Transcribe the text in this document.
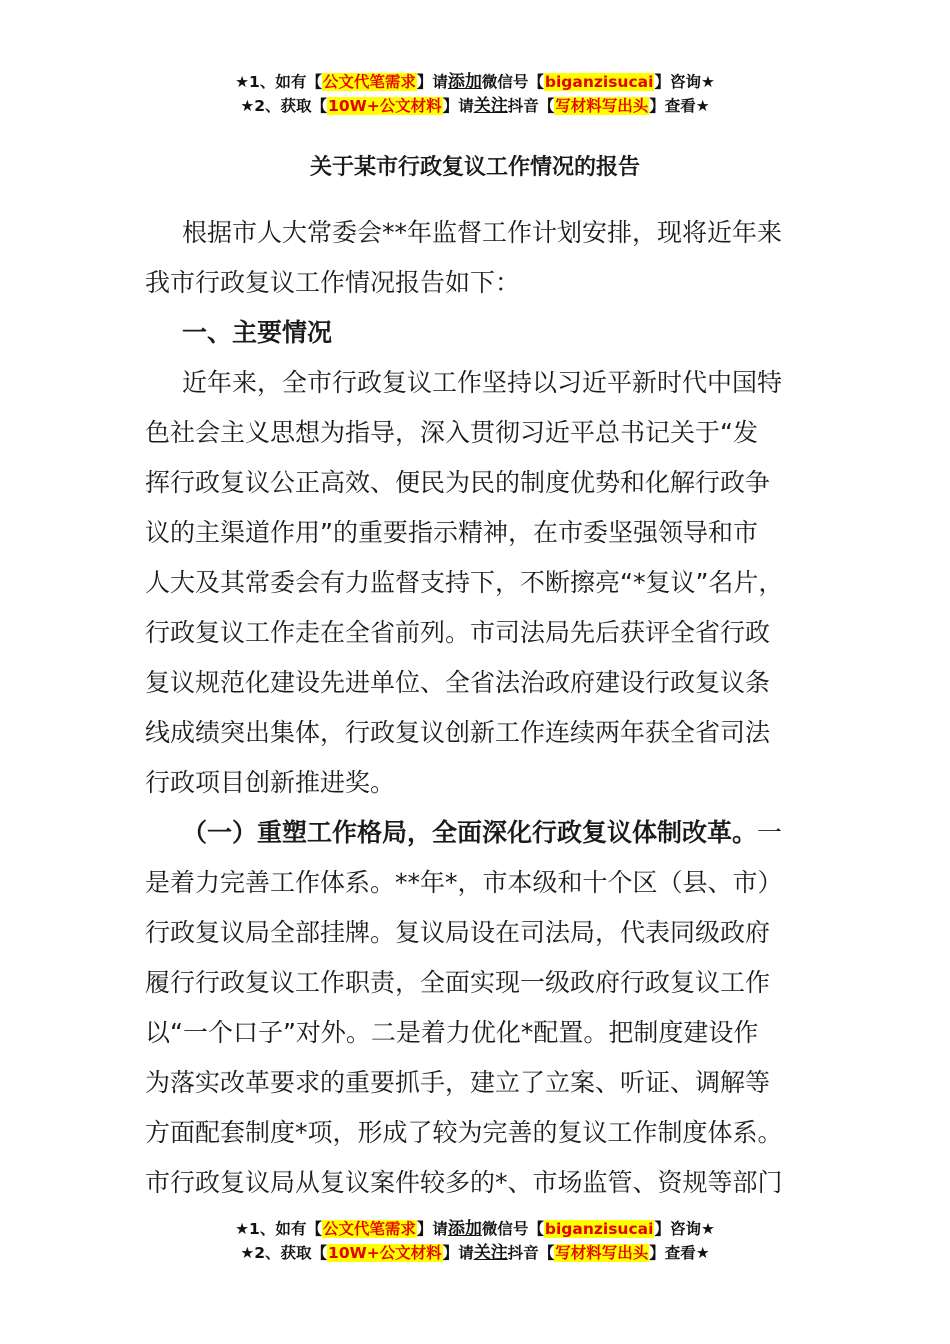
★1、如有【公文代笔需求】请添加微信号【biganzisucai】咨询★
★2、获取【10W+公文材料】请关注抖音【写材料写出头】查看★
关于某市行政复议工作情况的报告

根据市人大常委会**年监督工作计划安排，现将近年来

我市行政复议工作情况报告如下：

一、主要情况

近年来，全市行政复议工作坚持以习近平新时代中国特

色社会主义思想为指导，深入贯彻习近平总书记关于“发

挥行政复议公正高效、便民为民的制度优势和化解行政争

议的主渠道作用”的重要指示精神，在市委坚强领导和市

人大及其常委会有力监督支持下，不断擦亮“*复议”名片，

行政复议工作走在全省前列。市司法局先后获评全省行政

复议规范化建设先进单位、全省法治政府建设行政复议条

线成绩突出集体，行政复议创新工作连续两年获全省司法

行政项目创新推进奖。

（一）重塑工作格局，全面深化行政复议体制改革。一

是着力完善工作体系。**年*，市本级和十个区（县、市）

行政复议局全部挂牌。复议局设在司法局，代表同级政府

履行行政复议工作职责，全面实现一级政府行政复议工作

以“一个口子”对外。二是着力优化*配置。把制度建设作

为落实改革要求的重要抓手，建立了立案、听证、调解等

方面配套制度*项，形成了较为完善的复议工作制度体系。

市行政复议局从复议案件较多的*、市场监管、资规等部门

★1、如有【公文代笔需求】请添加微信号【biganzisucai】咨询★
★2、获取【10W+公文材料】请关注抖音【写材料写出头】查看★
